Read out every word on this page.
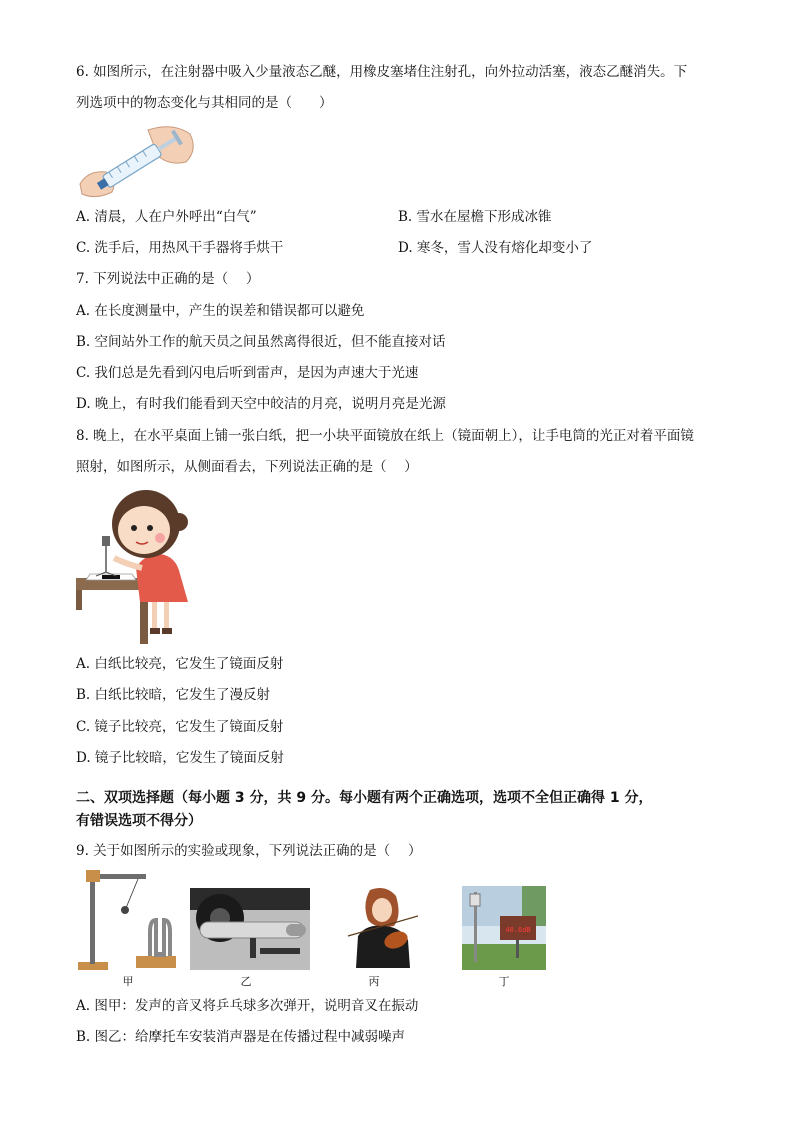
6. 如图所示，在注射器中吸入少量液态乙醚，用橡皮塞堵住注射孔，向外拉动活塞，液态乙醚消失。下
列选项中的物态变化与其相同的是（　　）
A. 清晨，人在户外呼出“白气”	B. 雪水在屋檐下形成冰锥
C. 洗手后，用热风干手器将手烘干	D. 寒冬，雪人没有熔化却变小了
7. 下列说法中正确的是（　 ）
A. 在长度测量中，产生的误差和错误都可以避免
B. 空间站外工作的航天员之间虽然离得很近，但不能直接对话
C. 我们总是先看到闪电后听到雷声，是因为声速大于光速
D. 晚上，有时我们能看到天空中皎洁的月亮，说明月亮是光源
8. 晚上，在水平桌面上铺一张白纸，把一小块平面镜放在纸上（镜面朝上），让手电筒的光正对着平面镜
照射，如图所示，从侧面看去，下列说法正确的是（　 ）
A. 白纸比较亮，它发生了镜面反射
B. 白纸比较暗，它发生了漫反射
C. 镜子比较亮，它发生了镜面反射
D. 镜子比较暗，它发生了镜面反射
二、双项选择题（每小题 3 分，共 9 分。每小题有两个正确选项，选项不全但正确得 1 分，
有错误选项不得分）
9. 关于如图所示的实验或现象，下列说法正确的是（　 ）
40.6dB
甲	乙	丙	丁
A. 图甲：发声的音叉将乒乓球多次弹开，说明音叉在振动
B. 图乙：给摩托车安装消声器是在传播过程中减弱噪声
